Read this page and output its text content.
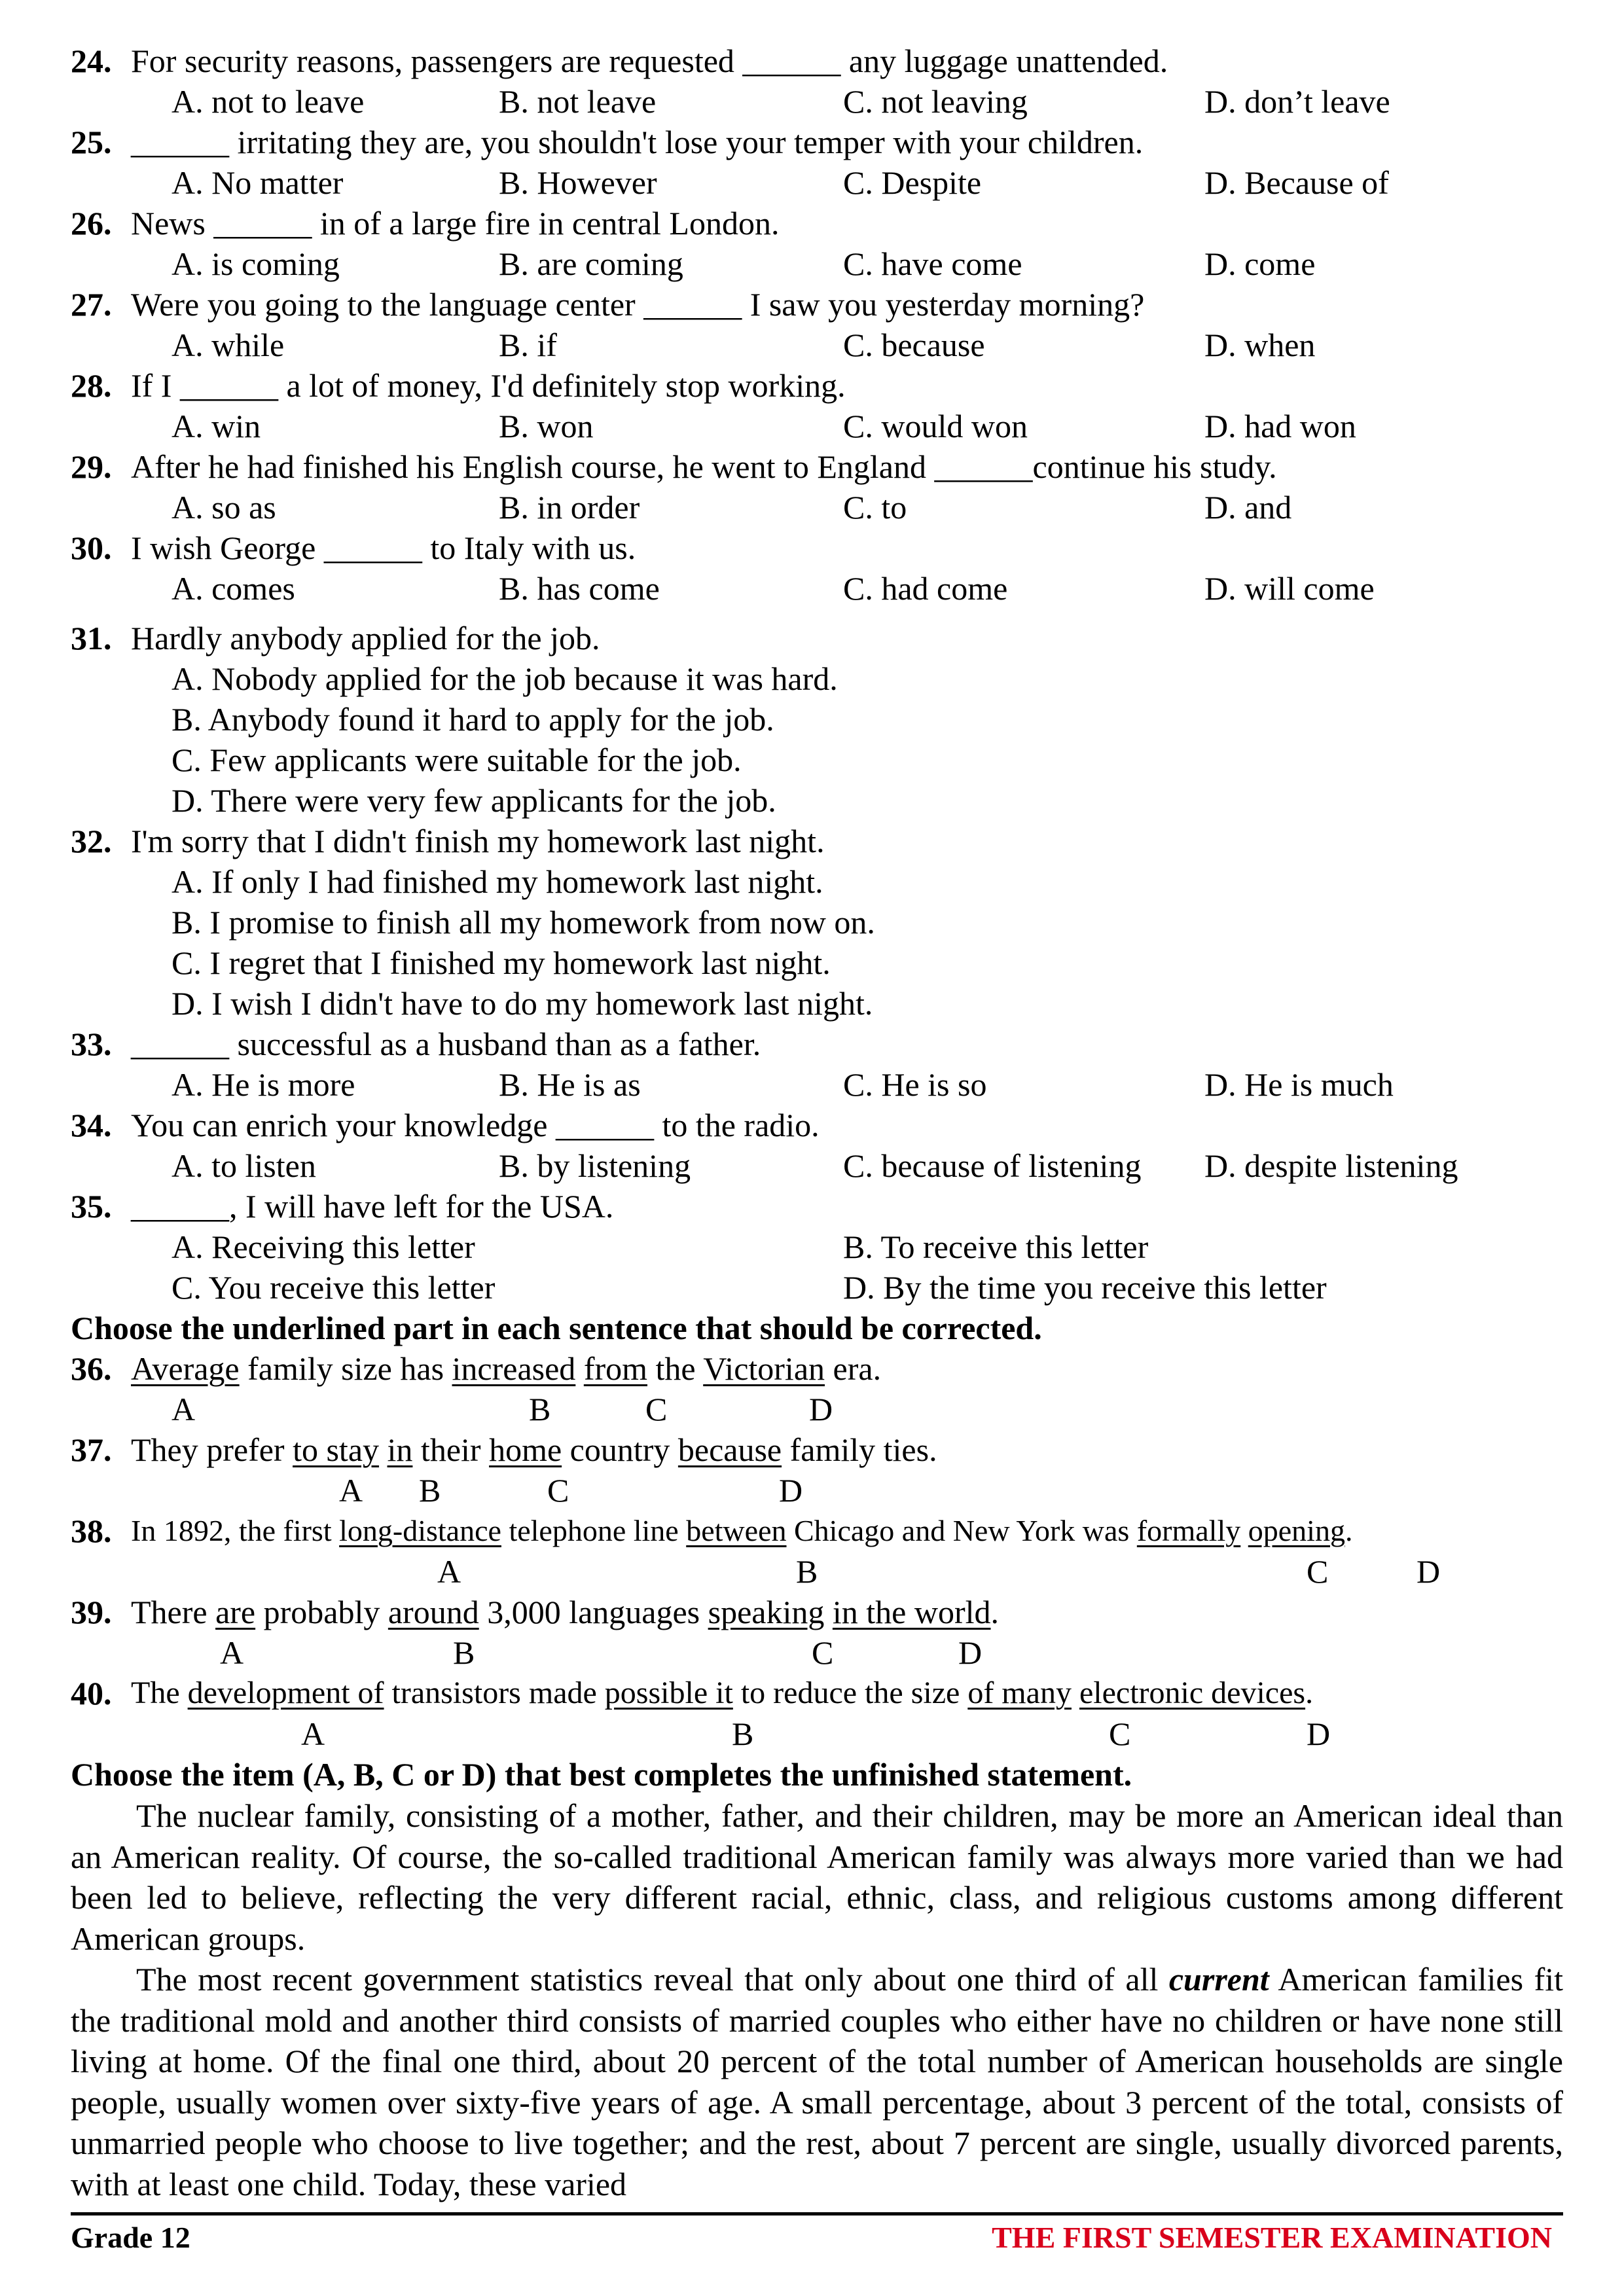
24. For security reasons, passengers are requested ______ any luggage unattended.
A. not to leave	B. not leave	C. not leaving	D. don’t leave
25. ______ irritating they are, you shouldn't lose your temper with your children.
A. No matter	B. However	C. Despite	D. Because of
26. News ______ in of a large fire in central London.
A. is coming	B. are coming	C. have come	D. come
27. Were you going to the language center ______ I saw you yesterday morning?
A. while	B. if	C. because	D. when
28. If I ______ a lot of money, I'd definitely stop working.
A. win	B. won	C. would won	D. had won
29. After he had finished his English course, he went to England ______continue his study.
A. so as	B. in order	C. to	D. and
30. I wish George ______ to Italy with us.
A. comes	B. has come	C. had come	D. will come
31. Hardly anybody applied for the job.
A. Nobody applied for the job because it was hard.
B. Anybody found it hard to apply for the job.
C. Few applicants were suitable for the job.
D. There were very few applicants for the job.
32. I'm sorry that I didn't finish my homework last night.
A. If only I had finished my homework last night.
B. I promise to finish all my homework from now on.
C. I regret that I finished my homework last night.
D. I wish I didn't have to do my homework last night.
33. ______ successful as a husband than as a father.
A. He is more	B. He is as	C. He is so	D. He is much
34. You can enrich your knowledge ______ to the radio.
A. to listen	B. by listening	C. because of listening D. despite listening
35. ______, I will have left for the USA.
A. Receiving this letter	B. To receive this letter
C. You receive this letter	D. By the time you receive this letter
Choose the underlined part in each sentence that should be corrected.
36. Average family size has increased from the Victorian era.
A	B	C	D
37. They prefer to stay in their home country because family ties.
A B	C	D
38. In 1892, the first long-distance telephone line between Chicago and New York was formally opening.
A	B	C	D
39. There are probably around 3,000 languages speaking in the world.
A	B	C	D
40. The development of transistors made possible it to reduce the size of many electronic devices.
A	B	C	D
Choose the item (A, B, C or D) that best completes the unfinished statement.
The nuclear family, consisting of a mother, father, and their children, may be more an American ideal than an American reality. Of course, the so-called traditional American family was always more varied than we had been led to believe, reflecting the very different racial, ethnic, class, and religious customs among different American groups.
The most recent government statistics reveal that only about one third of all current American families fit the traditional mold and another third consists of married couples who either have no children or have none still living at home. Of the final one third, about 20 percent of the total number of American households are single people, usually women over sixty-five years of age. A small percentage, about 3 percent of the total, consists of unmarried people who choose to live together; and the rest, about 7 percent are single, usually divorced parents, with at least one child. Today, these varied
Grade 12	THE FIRST SEMESTER EXAMINATION
